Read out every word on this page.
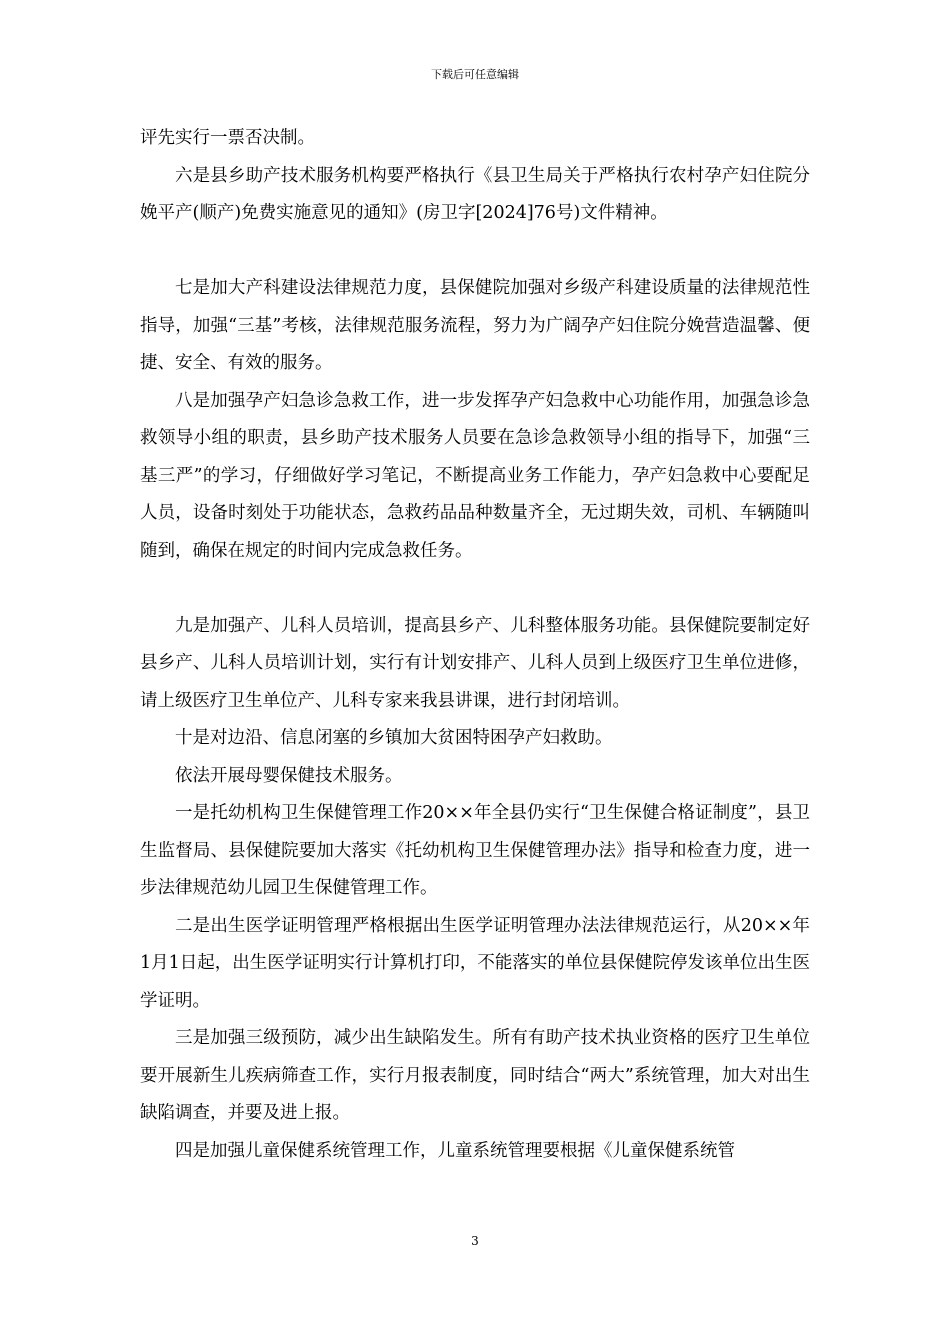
下载后可任意编辑

评先实行一票否决制。

六是县乡助产技术服务机构要严格执行《县卫生局关于严格执行农村孕产妇住院分娩平产(顺产)免费实施意见的通知》(房卫字[2024]76号)文件精神。

七是加大产科建设法律规范力度，县保健院加强对乡级产科建设质量的法律规范性指导，加强“三基”考核，法律规范服务流程，努力为广阔孕产妇住院分娩营造温馨、便捷、安全、有效的服务。

八是加强孕产妇急诊急救工作，进一步发挥孕产妇急救中心功能作用，加强急诊急救领导小组的职责，县乡助产技术服务人员要在急诊急救领导小组的指导下，加强“三基三严”的学习，仔细做好学习笔记，不断提高业务工作能力，孕产妇急救中心要配足人员，设备时刻处于功能状态，急救药品品种数量齐全，无过期失效，司机、车辆随叫随到，确保在规定的时间内完成急救任务。

九是加强产、儿科人员培训，提高县乡产、儿科整体服务功能。县保健院要制定好县乡产、儿科人员培训计划，实行有计划安排产、儿科人员到上级医疗卫生单位进修，请上级医疗卫生单位产、儿科专家来我县讲课，进行封闭培训。

十是对边沿、信息闭塞的乡镇加大贫困特困孕产妇救助。

依法开展母婴保健技术服务。

一是托幼机构卫生保健管理工作20××年全县仍实行“卫生保健合格证制度”，县卫生监督局、县保健院要加大落实《托幼机构卫生保健管理办法》指导和检查力度，进一步法律规范幼儿园卫生保健管理工作。

二是出生医学证明管理严格根据出生医学证明管理办法法律规范运行，从20××年1月1日起，出生医学证明实行计算机打印，不能落实的单位县保健院停发该单位出生医学证明。

三是加强三级预防，减少出生缺陷发生。所有有助产技术执业资格的医疗卫生单位要开展新生儿疾病筛查工作，实行月报表制度，同时结合“两大”系统管理，加大对出生缺陷调查，并要及进上报。

四是加强儿童保健系统管理工作，儿童系统管理要根据《儿童保健系统管

3
